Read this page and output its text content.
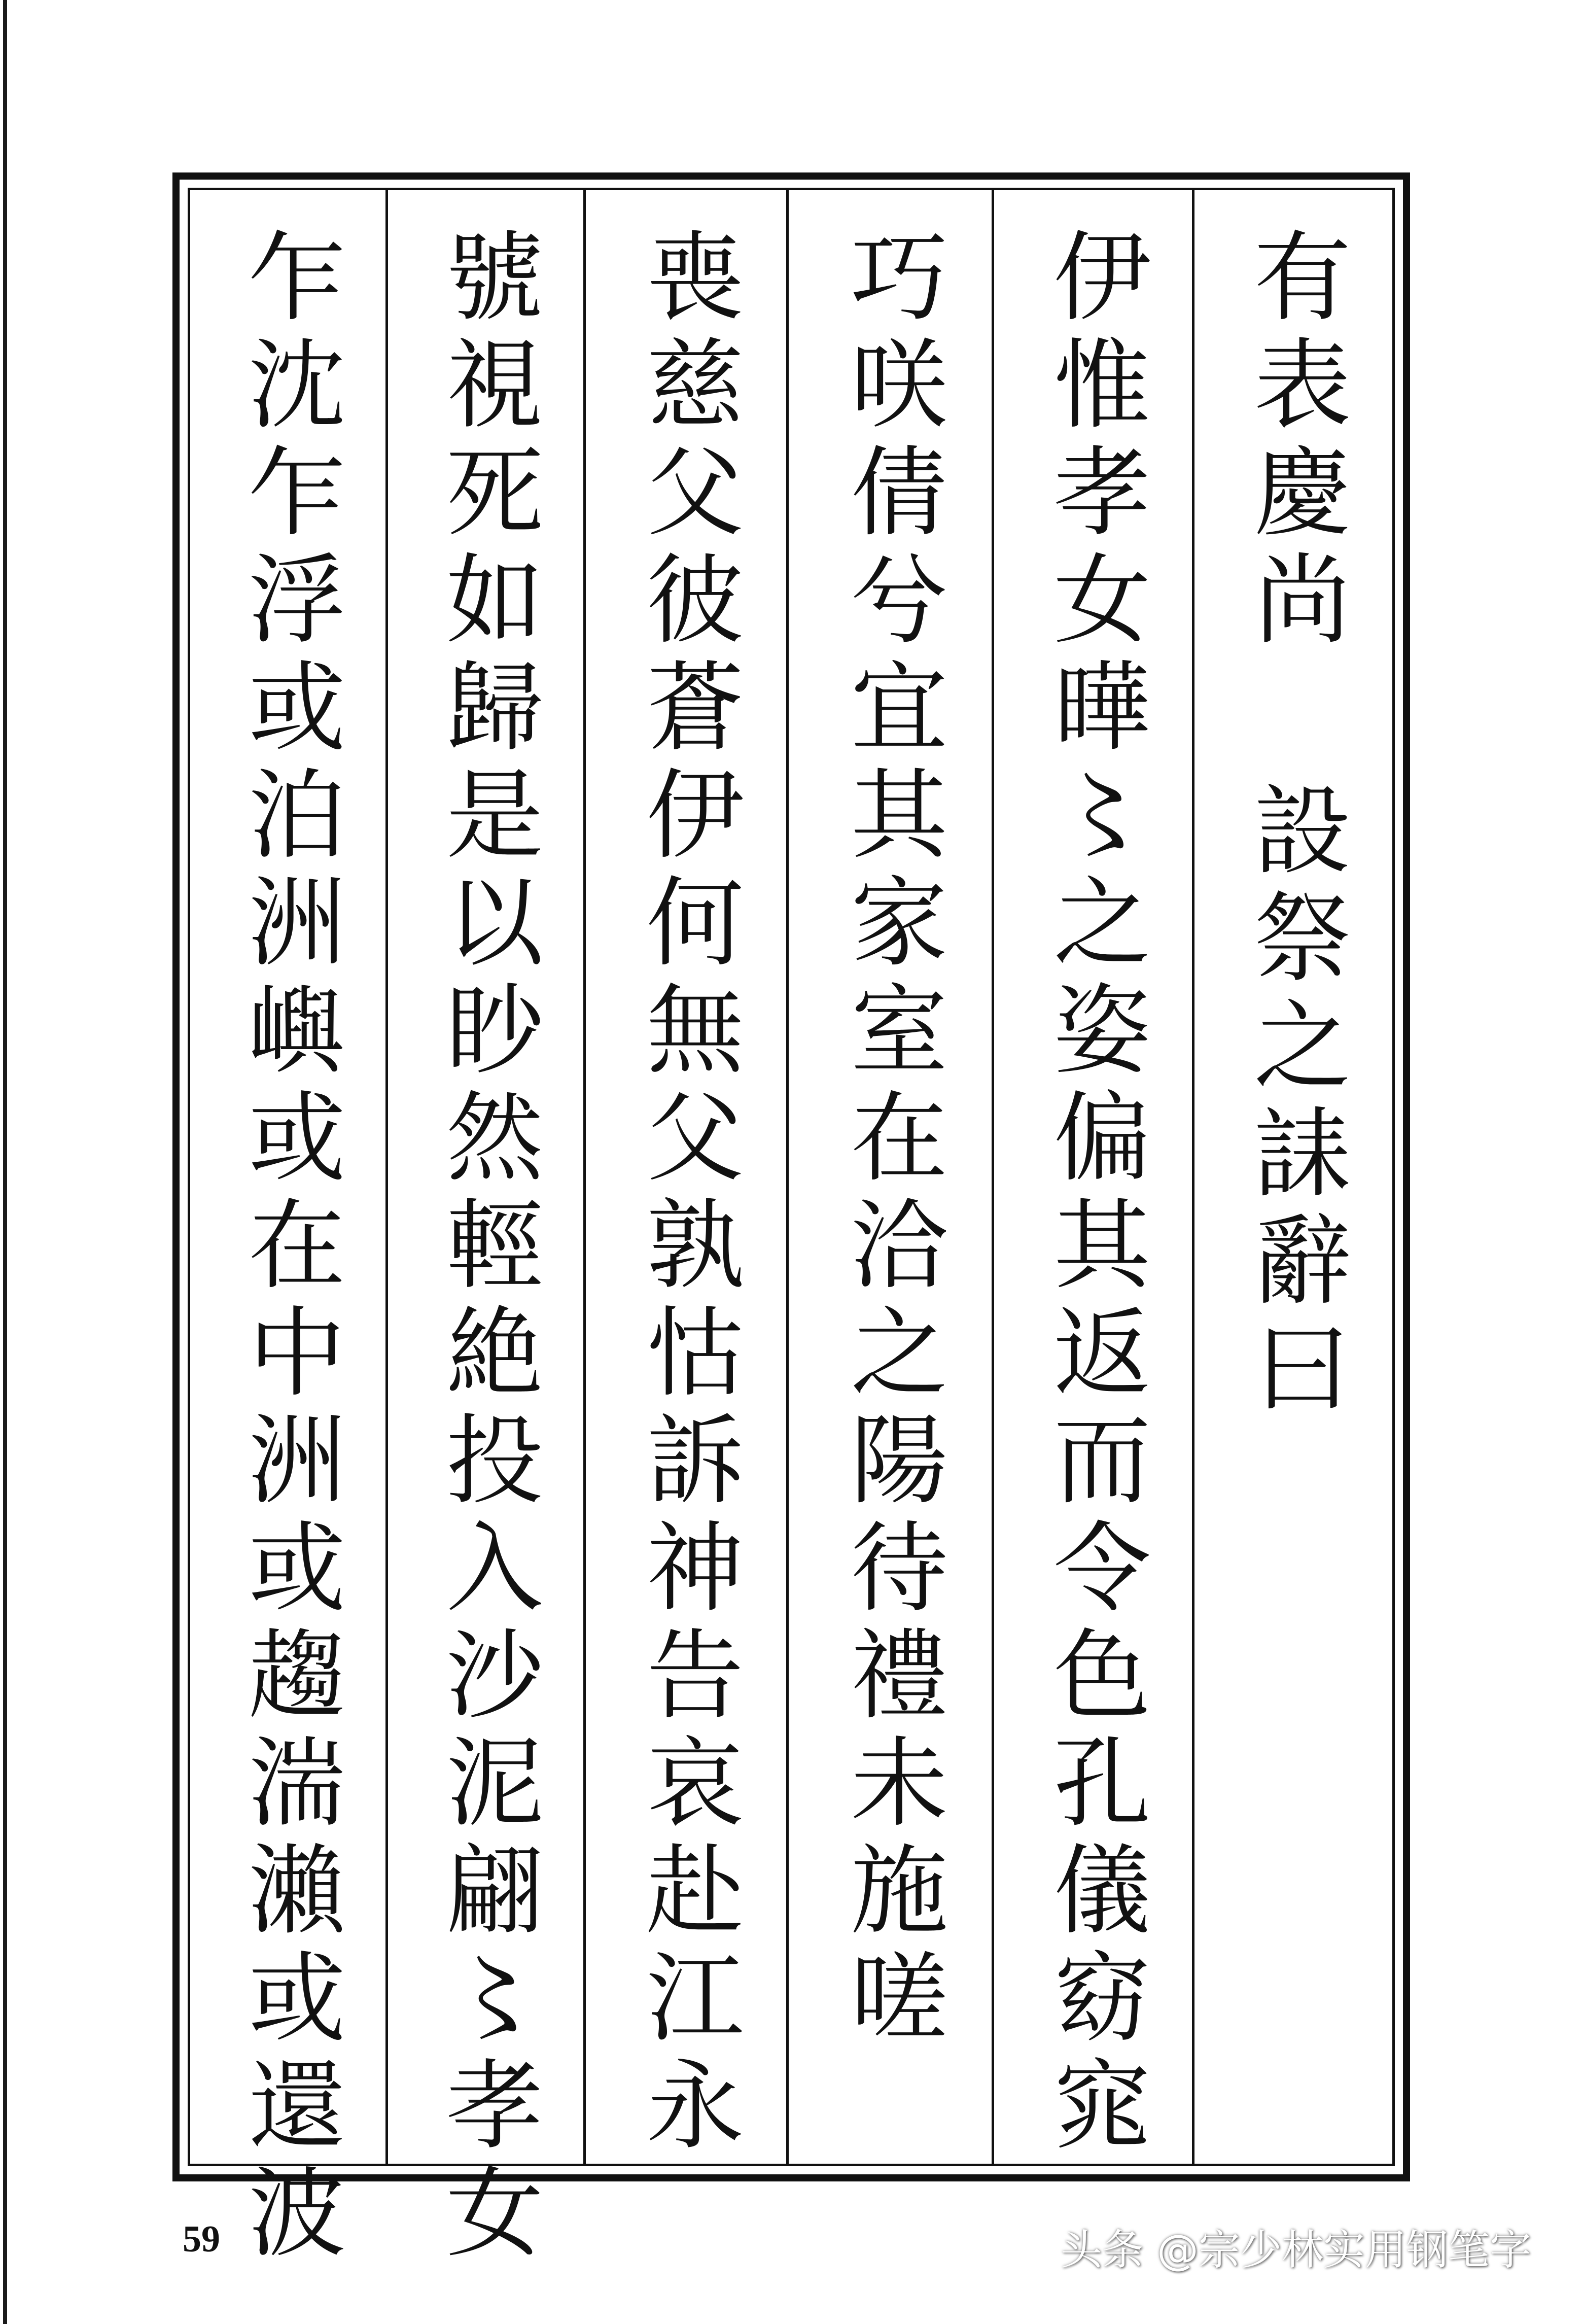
有表慶尚 設祭之誄辭曰
伊惟孝女曄〻之姿偏其返而令色孔儀窈窕
巧咲倩兮宜其家室在洽之陽待禮未施嗟
喪慈父彼蒼伊何無父孰怙訴神告哀赴江永
號視死如歸是以眇然輕絶投入沙泥翩〻孝女
乍沈乍浮或泊洲嶼或在中洲或趨湍瀨或還波
59	头条 @宗少林实用钢笔字
